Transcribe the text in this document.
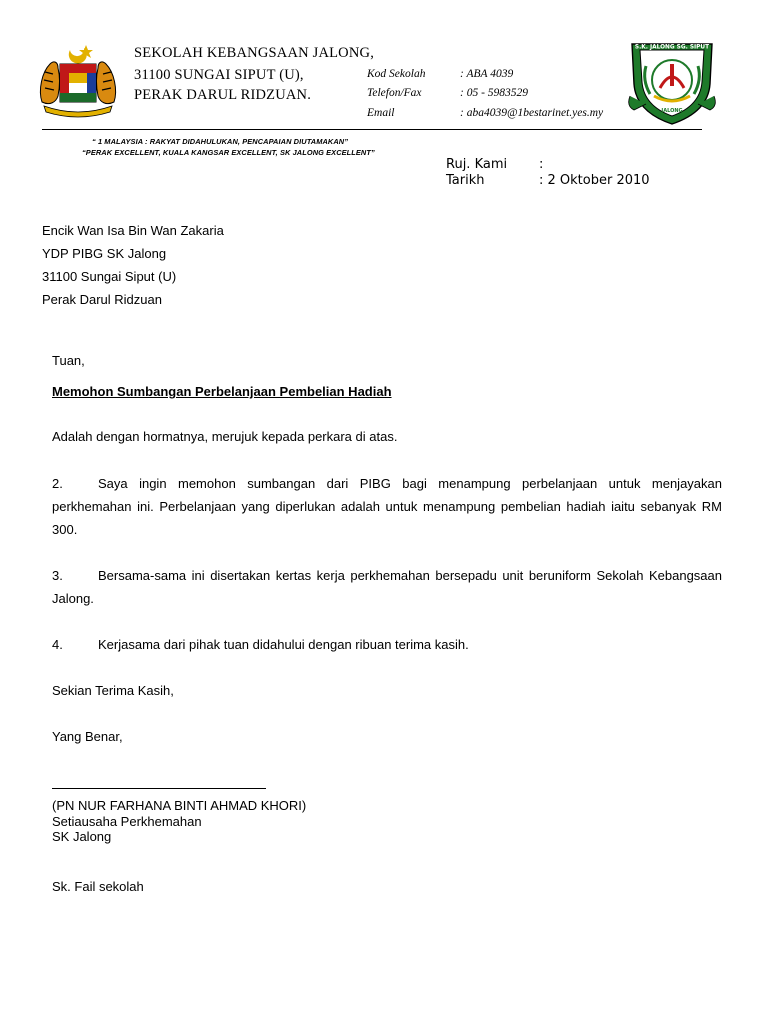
SEKOLAH KEBANGSAAN JALONG,
31100 SUNGAI SIPUT (U),
PERAK DARUL RIDZUAN.
Kod Sekolah	: ABA 4039
Telefon/Fax	: 05 - 5983529
Email	: aba4039@1bestarinet.yes.my
S.K. JALONG SG. SIPUT
JALONG
“ 1 MALAYSIA : RAKYAT DIDAHULUKAN, PENCAPAIAN DIUTAMAKAN”
“PERAK EXCELLENT, KUALA KANGSAR EXCELLENT, SK JALONG EXCELLENT”
Ruj. Kami :
Tarikh	: 2 Oktober 2010
Encik Wan Isa Bin Wan Zakaria
YDP PIBG SK Jalong
31100 Sungai Siput (U)
Perak Darul Ridzuan
Tuan,
Memohon Sumbangan Perbelanjaan Pembelian Hadiah
Adalah dengan hormatnya, merujuk kepada perkara di atas.
2.	Saya ingin memohon sumbangan dari PIBG bagi menampung perbelanjaan untuk menjayakan perkhemahan ini. Perbelanjaan yang diperlukan adalah untuk menampung pembelian hadiah iaitu sebanyak RM 300.
3.	Bersama-sama ini disertakan kertas kerja perkhemahan bersepadu unit beruniform Sekolah Kebangsaan Jalong.
4.	Kerjasama dari pihak tuan didahului dengan ribuan terima kasih.
Sekian Terima Kasih,
Yang Benar,
(PN NUR FARHANA BINTI AHMAD KHORI)
Setiausaha Perkhemahan
SK Jalong
Sk. Fail sekolah
